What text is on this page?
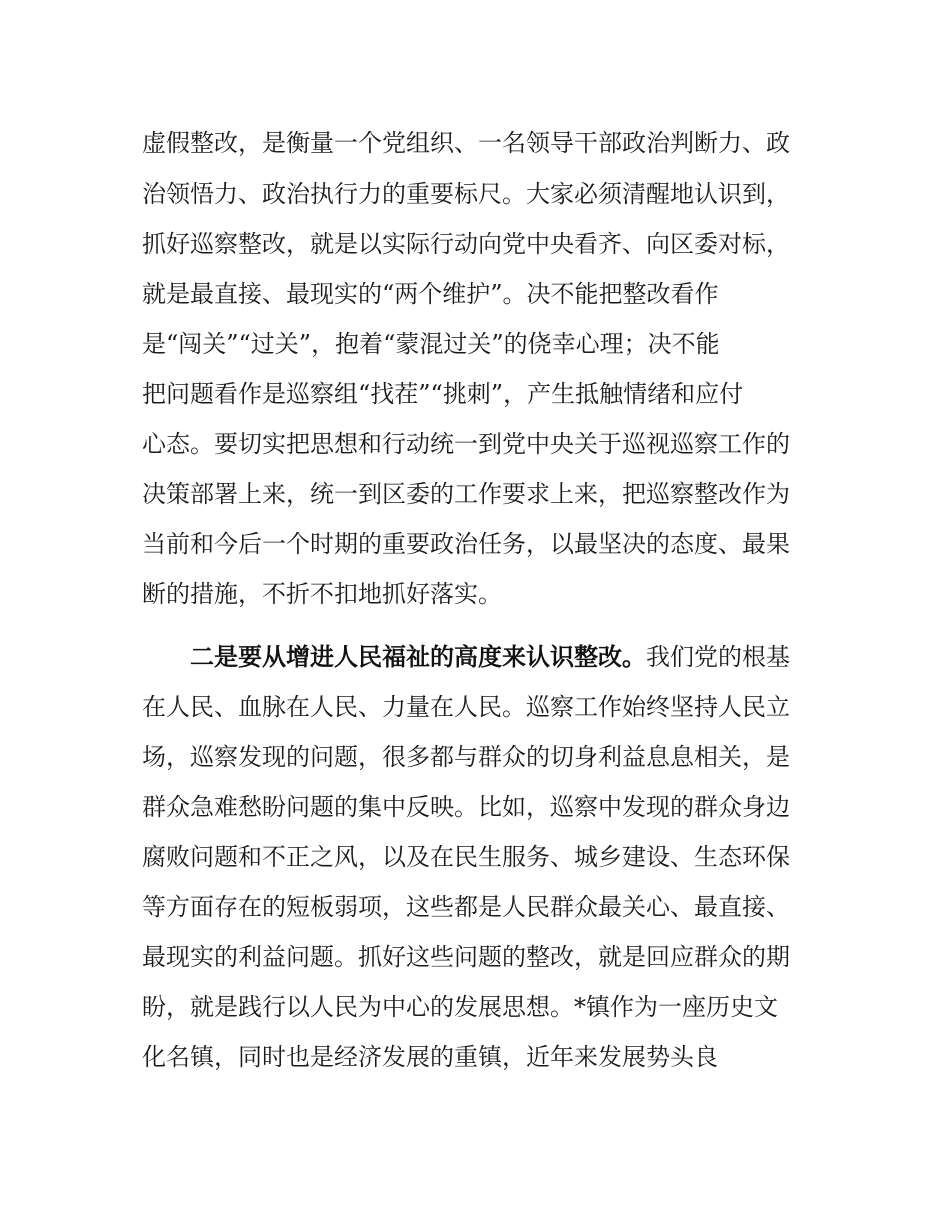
虚假整改，是衡量一个党组织、一名领导干部政治判断力、政
治领悟力、政治执行力的重要标尺。大家必须清醒地认识到，
抓好巡察整改，就是以实际行动向党中央看齐、向区委对标，
就是最直接、最现实的“两个维护”。决不能把整改看作
是“闯关”“过关”，抱着“蒙混过关”的侥幸心理；决不能
把问题看作是巡察组“找茬”“挑刺”，产生抵触情绪和应付
心态。要切实把思想和行动统一到党中央关于巡视巡察工作的
决策部署上来，统一到区委的工作要求上来，把巡察整改作为
当前和今后一个时期的重要政治任务，以最坚决的态度、最果
断的措施，不折不扣地抓好落实。
二是要从增进人民福祉的高度来认识整改。我们党的根基
在人民、血脉在人民、力量在人民。巡察工作始终坚持人民立
场，巡察发现的问题，很多都与群众的切身利益息息相关，是
群众急难愁盼问题的集中反映。比如，巡察中发现的群众身边
腐败问题和不正之风，以及在民生服务、城乡建设、生态环保
等方面存在的短板弱项，这些都是人民群众最关心、最直接、
最现实的利益问题。抓好这些问题的整改，就是回应群众的期
盼，就是践行以人民为中心的发展思想。*镇作为一座历史文
化名镇，同时也是经济发展的重镇，近年来发展势头良
